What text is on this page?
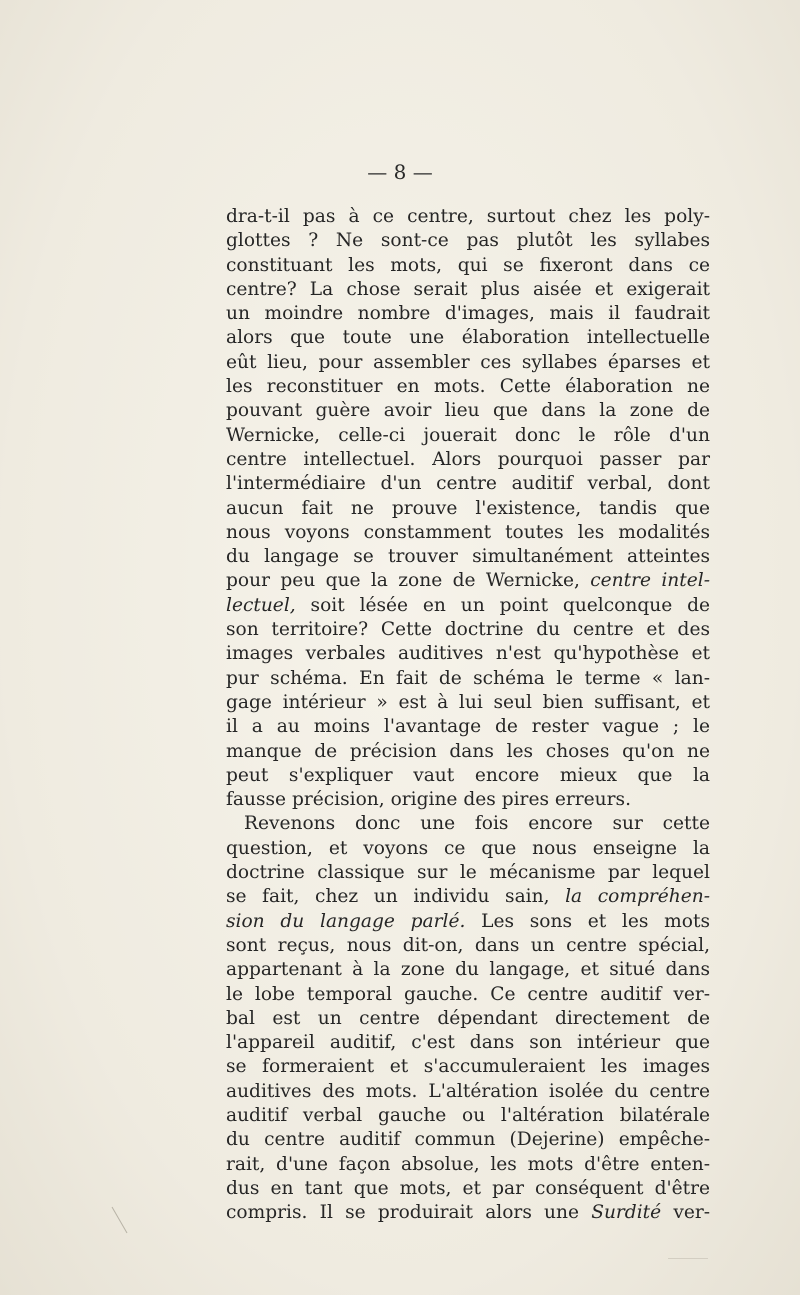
— 8 —
dra-t-il pas à ce centre, surtout chez les poly-
glottes ? Ne sont-ce pas plutôt les syllabes
constituant les mots, qui se fixeront dans ce
centre? La chose serait plus aisée et exigerait
un moindre nombre d'images, mais il faudrait
alors que toute une élaboration intellectuelle
eût lieu, pour assembler ces syllabes éparses et
les reconstituer en mots. Cette élaboration ne
pouvant guère avoir lieu que dans la zone de
Wernicke, celle-ci jouerait donc le rôle d'un
centre intellectuel. Alors pourquoi passer par
l'intermédiaire d'un centre auditif verbal, dont
aucun fait ne prouve l'existence, tandis que
nous voyons constamment toutes les modalités
du langage se trouver simultanément atteintes
pour peu que la zone de Wernicke, centre intel-
lectuel, soit lésée en un point quelconque de
son territoire? Cette doctrine du centre et des
images verbales auditives n'est qu'hypothèse et
pur schéma. En fait de schéma le terme « lan-
gage intérieur » est à lui seul bien suffisant, et
il a au moins l'avantage de rester vague ; le
manque de précision dans les choses qu'on ne
peut s'expliquer vaut encore mieux que la
fausse précision, origine des pires erreurs.
Revenons donc une fois encore sur cette
question, et voyons ce que nous enseigne la
doctrine classique sur le mécanisme par lequel
se fait, chez un individu sain, la compréhen-
sion du langage parlé. Les sons et les mots
sont reçus, nous dit-on, dans un centre spécial,
appartenant à la zone du langage, et situé dans
le lobe temporal gauche. Ce centre auditif ver-
bal est un centre dépendant directement de
l'appareil auditif, c'est dans son intérieur que
se formeraient et s'accumuleraient les images
auditives des mots. L'altération isolée du centre
auditif verbal gauche ou l'altération bilatérale
du centre auditif commun (Dejerine) empêche-
rait, d'une façon absolue, les mots d'être enten-
dus en tant que mots, et par conséquent d'être
compris. Il se produirait alors une Surdité ver-
